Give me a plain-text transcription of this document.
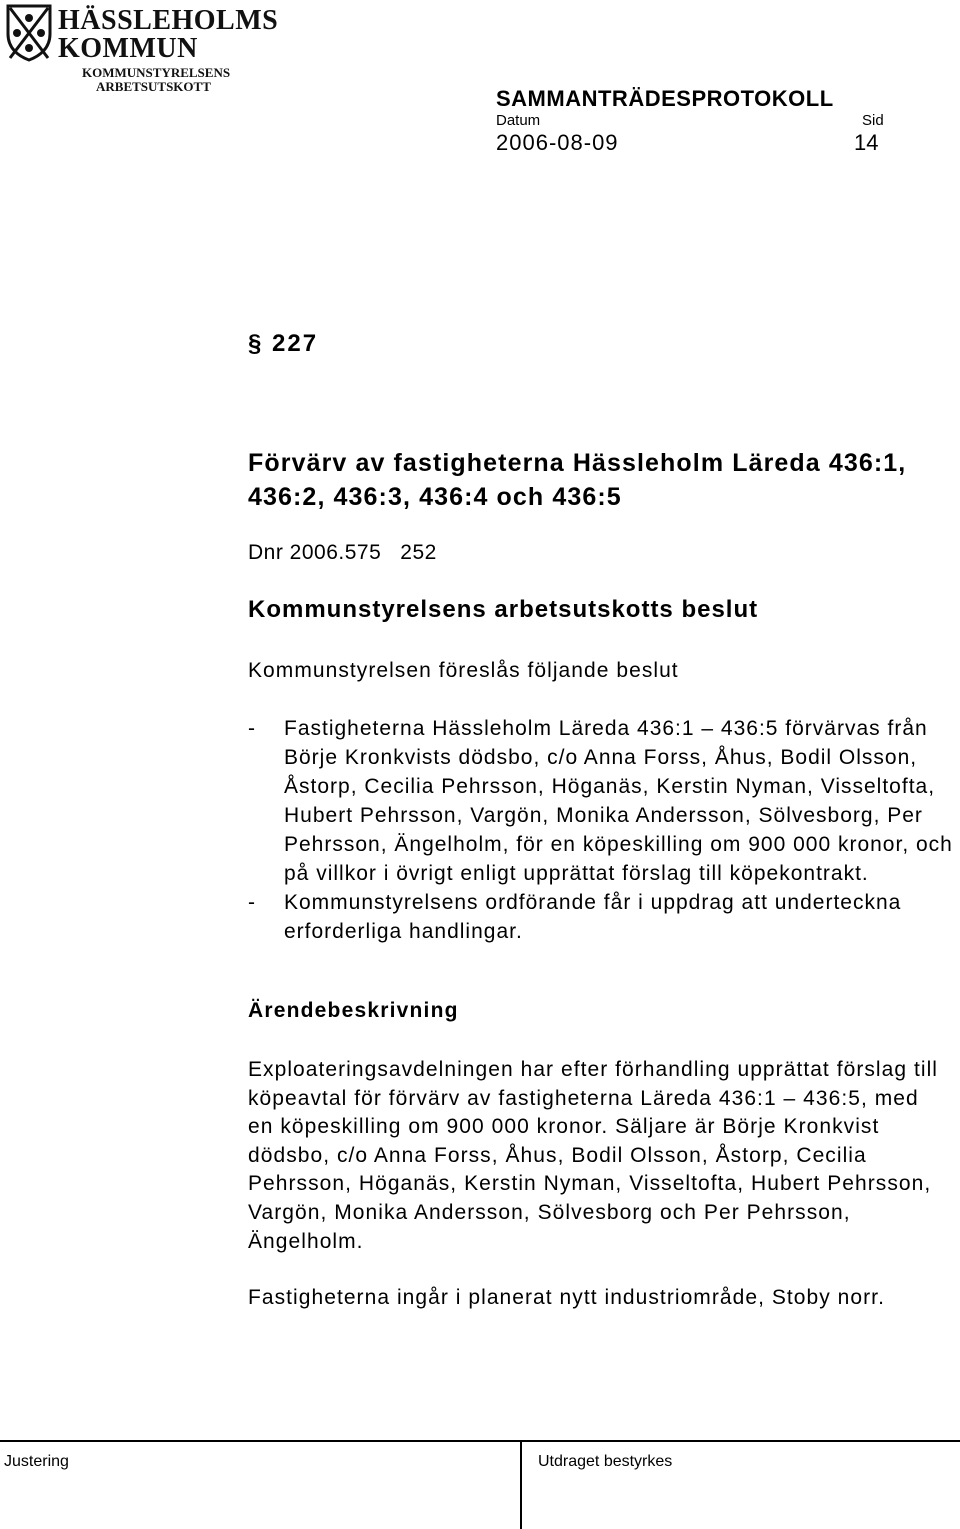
HÄSSLEHOLMS
KOMMUN
KOMMUNSTYRELSENS
ARBETSUTSKOTT	SAMMANTRÄDESPROTOKOLL
Datum	Sid
2006-08-09	14
§ 227
Förvärv av fastigheterna Hässleholm Läreda 436:1, 436:2, 436:3, 436:4 och 436:5
Dnr 2006.575   252
Kommunstyrelsens arbetsutskotts beslut
Kommunstyrelsen föreslås följande beslut
- Fastigheterna Hässleholm Läreda 436:1 – 436:5 förvärvas från Börje Kronkvists dödsbo, c/o Anna Forss, Åhus, Bodil Olsson, Åstorp, Cecilia Pehrsson, Höganäs, Kerstin Nyman, Visseltofta, Hubert Pehrsson, Vargön, Monika Andersson, Sölvesborg, Per Pehrsson, Ängelholm, för en köpeskilling om 900 000 kronor, och på villkor i övrigt enligt upprättat förslag till köpekontrakt.
- Kommunstyrelsens ordförande får i uppdrag att underteckna erforderliga handlingar.
Ärendebeskrivning

Exploateringsavdelningen har efter förhandling upprättat förslag till köpeavtal för förvärv av fastigheterna Läreda 436:1 – 436:5, med en köpeskilling om 900 000 kronor. Säljare är Börje Kronkvist dödsbo, c/o Anna Forss, Åhus, Bodil Olsson, Åstorp, Cecilia Pehrsson, Höganäs, Kerstin Nyman, Visseltofta, Hubert Pehrsson, Vargön, Monika Andersson, Sölvesborg och Per Pehrsson, Ängelholm.

Fastigheterna ingår i planerat nytt industriområde, Stoby norr.

Justering	Utdraget bestyrkes
